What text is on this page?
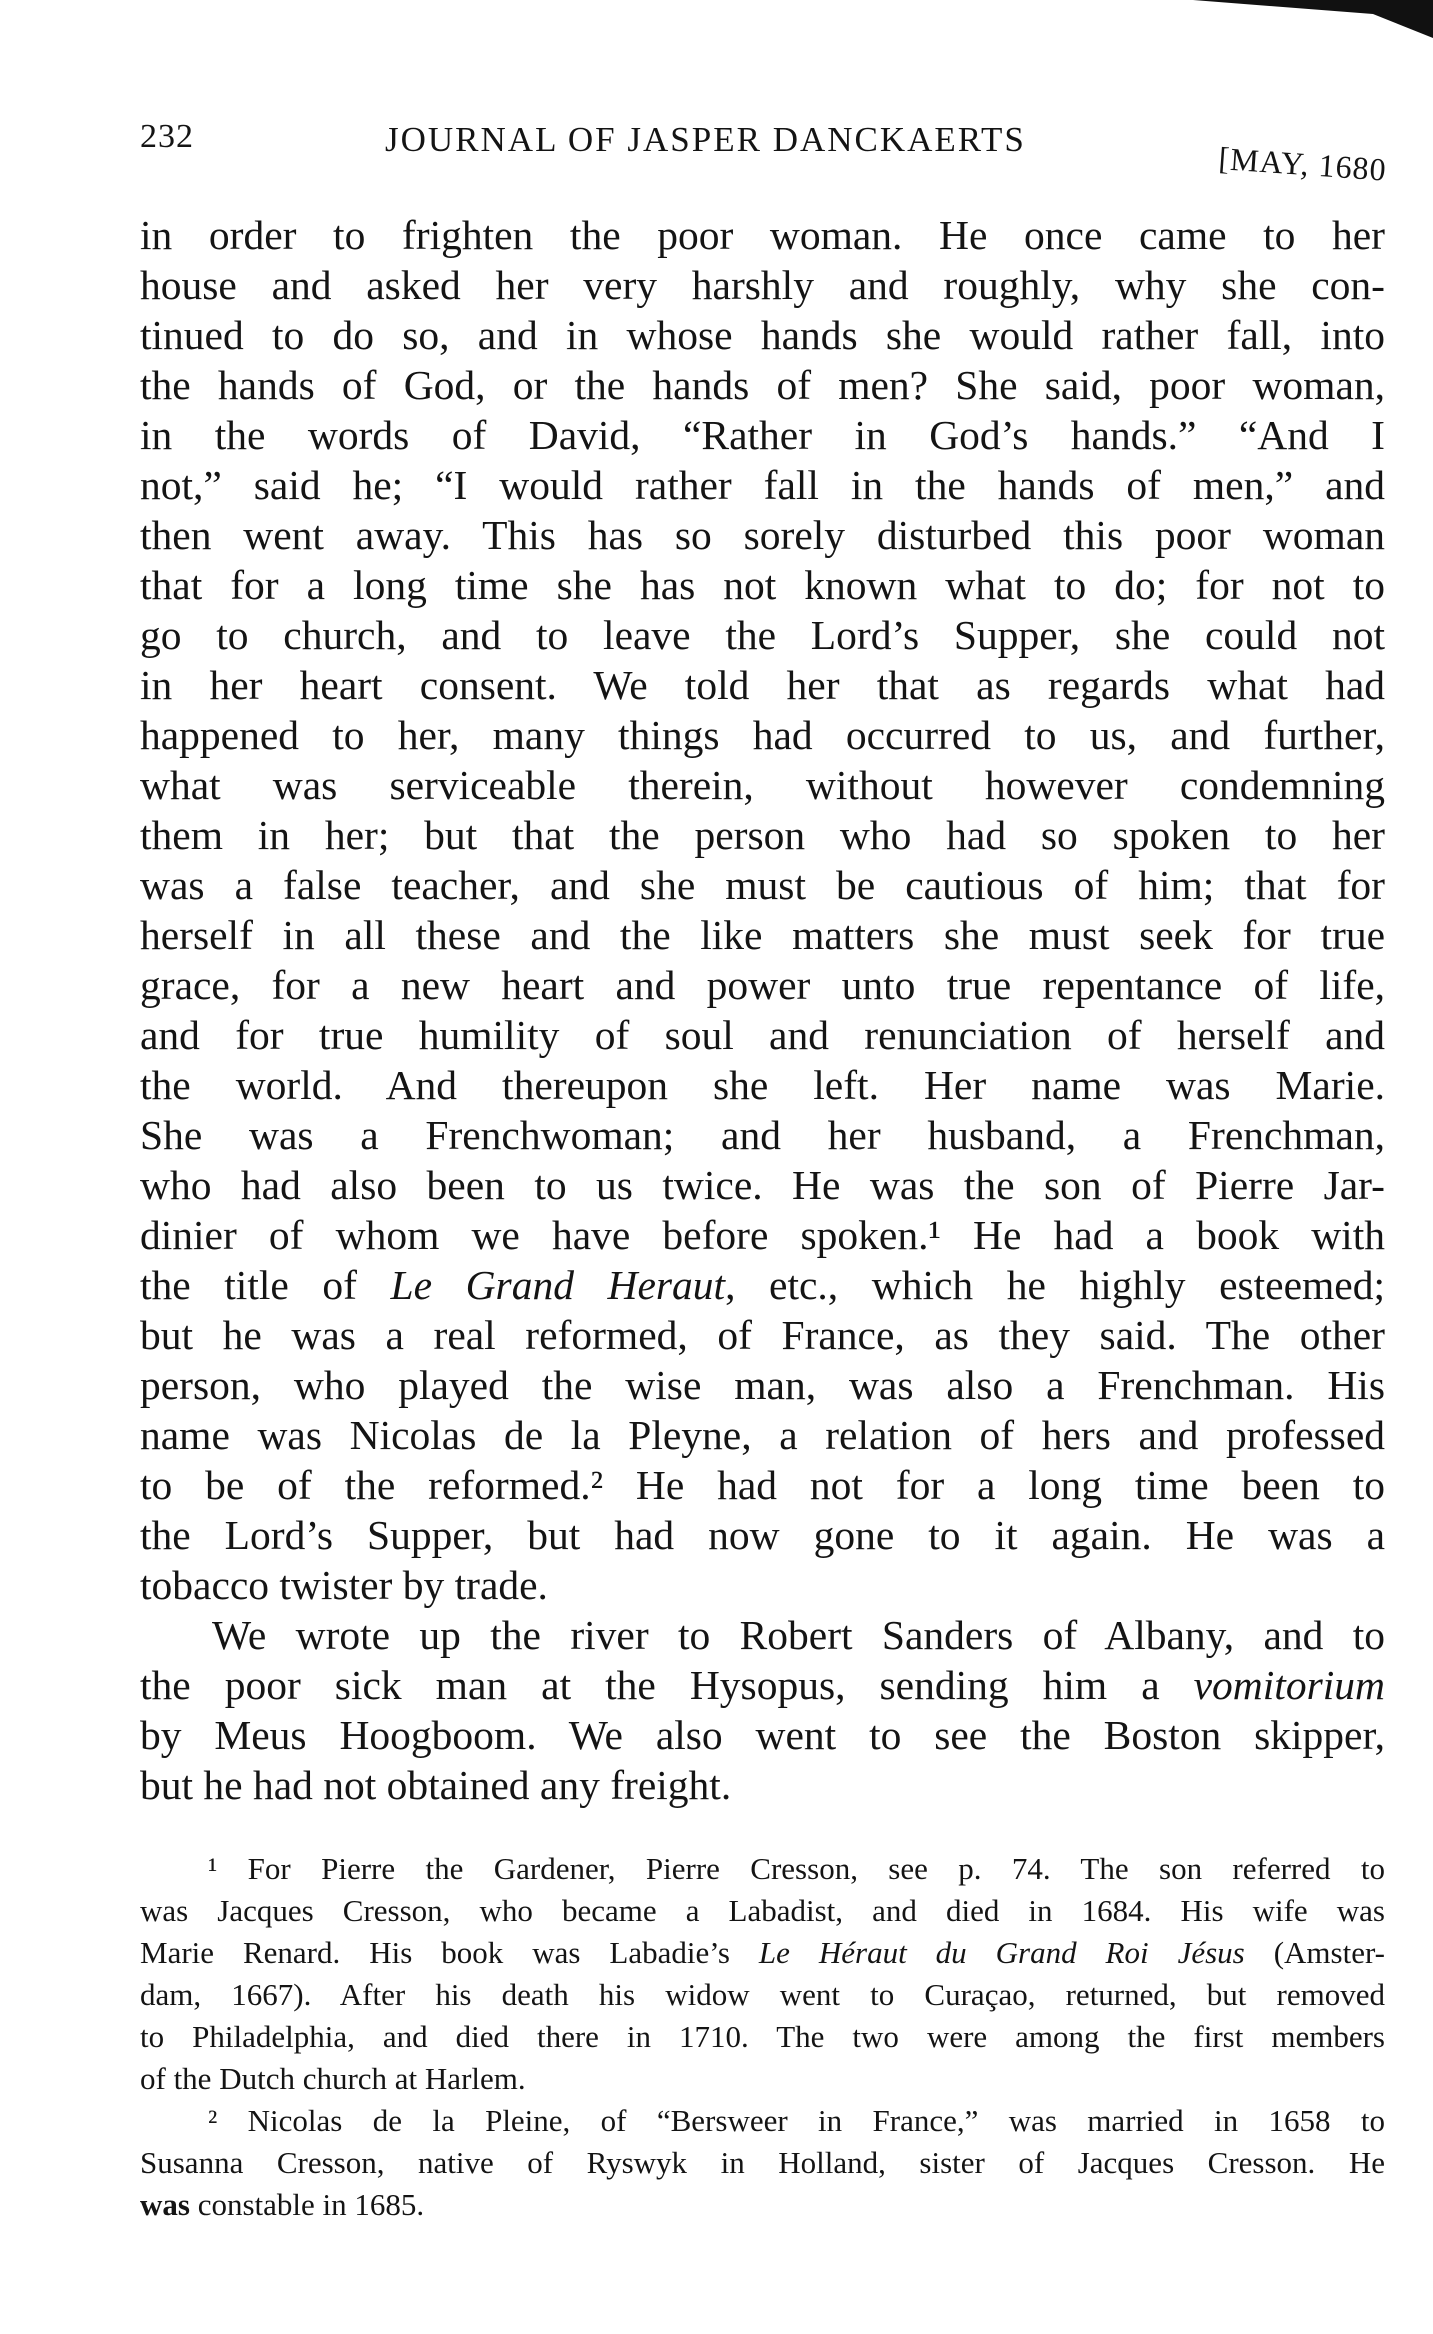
232	JOURNAL OF JASPER DANCKAERTS
[MAY, 1680
in order to frighten the poor woman. He once came to her
house and asked her very harshly and roughly, why she con-
tinued to do so, and in whose hands she would rather fall, into
the hands of God, or the hands of men? She said, poor woman,
in the words of David, “Rather in God’s hands.” “And I
not,” said he; “I would rather fall in the hands of men,” and
then went away. This has so sorely disturbed this poor woman
that for a long time she has not known what to do; for not to
go to church, and to leave the Lord’s Supper, she could not
in her heart consent. We told her that as regards what had
happened to her, many things had occurred to us, and further,
what was serviceable therein, without however condemning
them in her; but that the person who had so spoken to her
was a false teacher, and she must be cautious of him; that for
herself in all these and the like matters she must seek for true
grace, for a new heart and power unto true repentance of life,
and for true humility of soul and renunciation of herself and
the world. And thereupon she left. Her name was Marie.
She was a Frenchwoman; and her husband, a Frenchman,
who had also been to us twice. He was the son of Pierre Jar-
dinier of whom we have before spoken.¹ He had a book with
the title of Le Grand Heraut, etc., which he highly esteemed;
but he was a real reformed, of France, as they said. The other
person, who played the wise man, was also a Frenchman. His
name was Nicolas de la Pleyne, a relation of hers and professed
to be of the reformed.² He had not for a long time been to
the Lord’s Supper, but had now gone to it again. He was a
tobacco twister by trade.
We wrote up the river to Robert Sanders of Albany, and to
the poor sick man at the Hysopus, sending him a vomitorium
by Meus Hoogboom. We also went to see the Boston skipper,
but he had not obtained any freight.
¹ For Pierre the Gardener, Pierre Cresson, see p. 74. The son referred to
was Jacques Cresson, who became a Labadist, and died in 1684. His wife was
Marie Renard. His book was Labadie’s Le Héraut du Grand Roi Jésus (Amster-
dam, 1667). After his death his widow went to Curaçao, returned, but removed
to Philadelphia, and died there in 1710. The two were among the first members
of the Dutch church at Harlem.
² Nicolas de la Pleine, of “Bersweer in France,” was married in 1658 to
Susanna Cresson, native of Ryswyk in Holland, sister of Jacques Cresson. He
was constable in 1685.
